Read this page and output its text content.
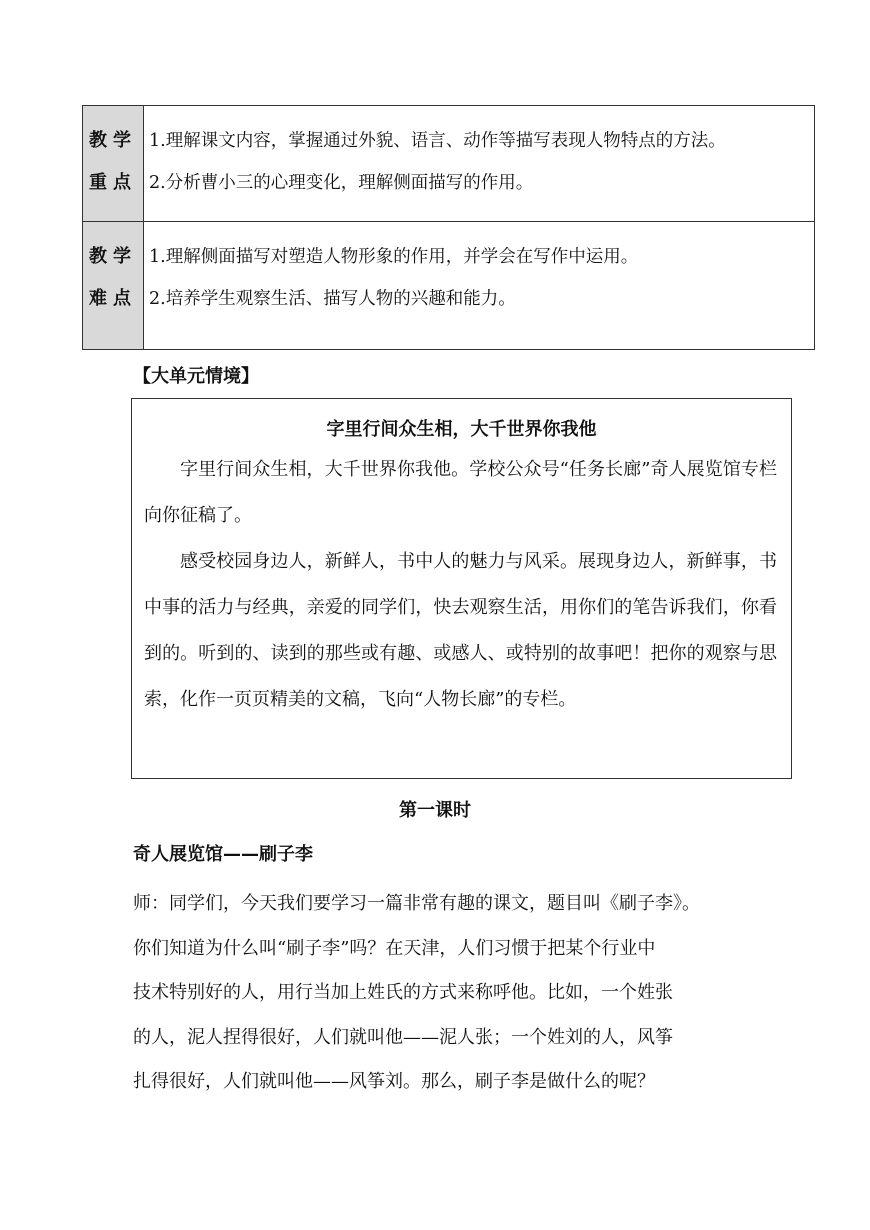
教学
重点	1.理解课文内容，掌握通过外貌、语言、动作等描写表现人物特点的方法。
2.分析曹小三的心理变化，理解侧面描写的作用。

教学
难点	1.理解侧面描写对塑造人物形象的作用，并学会在写作中运用。
2.培养学生观察生活、描写人物的兴趣和能力。
【大单元情境】
字里行间众生相，大千世界你我他

字里行间众生相，大千世界你我他。学校公众号“任务长廊”奇人展览馆专栏向你征稿了。

感受校园身边人，新鲜人，书中人的魅力与风采。展现身边人，新鲜事，书中事的活力与经典，亲爱的同学们，快去观察生活，用你们的笔告诉我们，你看到的。听到的、读到的那些或有趣、或感人、或特别的故事吧！把你的观察与思索，化作一页页精美的文稿，飞向“人物长廊”的专栏。

第一课时
奇人展览馆——刷子李
师：同学们，今天我们要学习一篇非常有趣的课文，题目叫《刷子李》。
你们知道为什么叫“刷子李”吗？在天津，人们习惯于把某个行业中
技术特别好的人，用行当加上姓氏的方式来称呼他。比如，一个姓张
的人，泥人捏得很好，人们就叫他——泥人张；一个姓刘的人，风筝
扎得很好，人们就叫他——风筝刘。那么，刷子李是做什么的呢？
